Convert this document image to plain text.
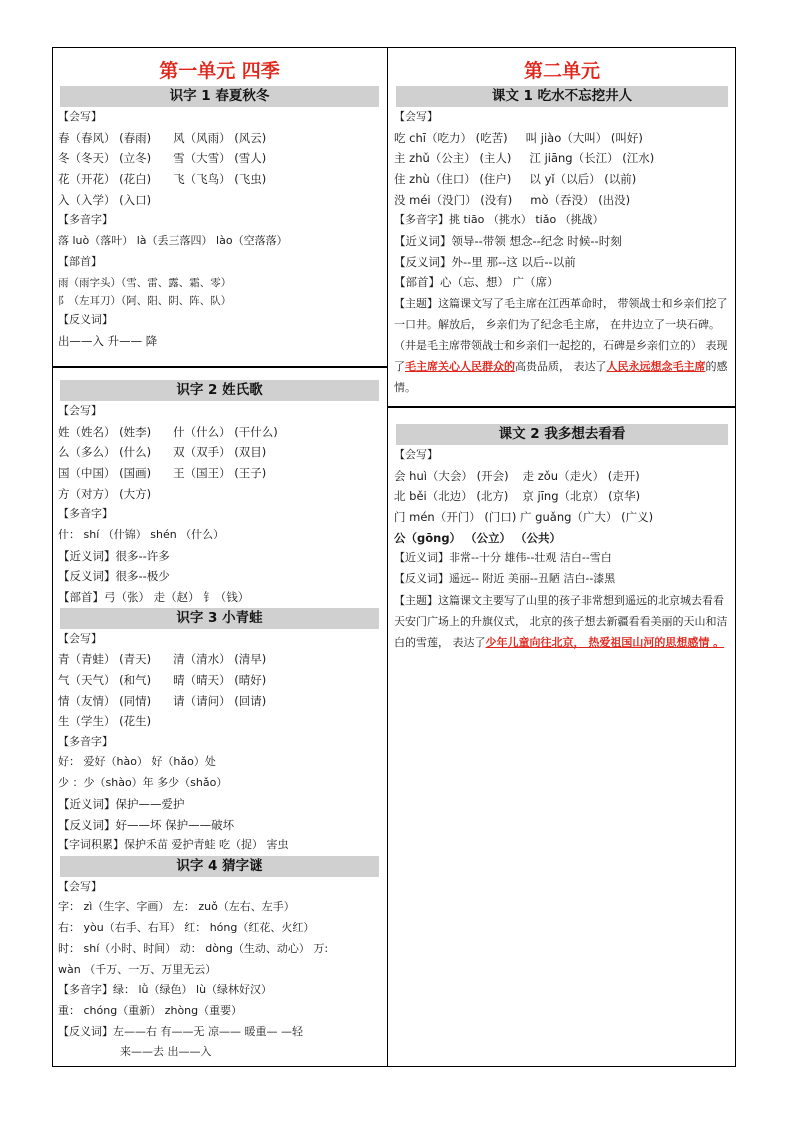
第一单元 四季
识字 1 春夏秋冬
【会写】
春（春风） (春雨) 风（风雨） (风云)
冬（冬天） (立冬) 雪（大雪） (雪人)
花（开花） (花白) 飞（飞鸟） (飞虫)
入（入学） (入口)
【多音字】
落 luò（落叶） là（丢三落四） lào（空落落）
【部首】
雨（雨字头）（雪、雷、露、霜、零）
阝（左耳刀）（阿、阳、阴、阵、队）
【反义词】
出——入 升—— 降
识字 2 姓氏歌
【会写】
姓（姓名） (姓李) 什（什么） (干什么)
么（多么） (什么) 双（双手） (双目)
国（中国） (国画) 王（国王） (王子)
方（对方） (大方)
【多音字】
什： shí （什锦） shén （什么）
【近义词】很多--许多
【反义词】很多--极少
【部首】弓（张） 走（赵） 钅（钱）
识字 3 小青蛙
【会写】
青（青蛙） (青天) 清（清水） (清早)
气（天气） (和气) 晴（晴天） (晴好)
情（友情） (同情) 请（请问） (回请)
生（学生） (花生)
【多音字】
好： 爱好（hào） 好（hǎo）处
少 ：少（shào）年 多少（shǎo）
【近义词】保护——爱护
【反义词】好——坏 保护——破坏
【字词积累】保护禾苗 爱护青蛙 吃（捉） 害虫
识字 4 猜字谜
【会写】
字： zì（生字、字画） 左： zuǒ（左右、左手）
右： yòu（右手、右耳） 红： hóng（红花、火红）
时： shí（小时、时间） 动： dòng（生动、动心） 万:
wàn （千万、一万、万里无云）
【多音字】绿： lǜ（绿色） lù（绿林好汉）
重： chóng（重新） zhòng（重要）
【反义词】左——右 有——无 凉—— 暖重— —轻
来——去 出——入
第二单元
课文 1 吃水不忘挖井人
【会写】
吃 chī（吃力） (吃苦) 叫 jiào（大叫） (叫好)
主 zhǔ（公主） (主人) 江 jiāng（长江） (江水)
住 zhù（住口） (住户) 以 yǐ（以后） (以前)
没 méi（没门） (没有) mò（吞没） (出没)
【多音字】挑 tiāo （挑水） tiǎo （挑战）
【近义词】领导--带领 想念--纪念 时候--时刻
【反义词】外--里 那--这 以后--以前
【部首】心（忘、想） 广（席）
【主题】这篇课文写了毛主席在江西革命时， 带领战士和乡亲们挖了一口井。解放后， 乡亲们为了纪念毛主席， 在井边立了一块石碑。（井是毛主席带领战士和乡亲们一起挖的，石碑是乡亲们立的） 表现了毛主席关心人民群众的高贵品质， 表达了人民永远想念毛主席的感情。
课文 2 我多想去看看
【会写】
会 huì（大会） (开会) 走 zǒu（走火） (走开)
北 běi（北边） (北方) 京 jīng（北京） (京华)
门 mén（开门） (门口) 广 guǎng（广大） (广义)
公（gōng） （公立） （公共）
【近义词】非常--十分 雄伟--壮观 洁白--雪白
【反义词】遥远-- 附近 美丽--丑陋 洁白--漆黑
【主题】这篇课文主要写了山里的孩子非常想到遥远的北京城去看看天安门广场上的升旗仪式， 北京的孩子想去新疆看看美丽的天山和洁白的雪莲， 表达了少年儿童向往北京， 热爱祖国山河的思想感情 。
